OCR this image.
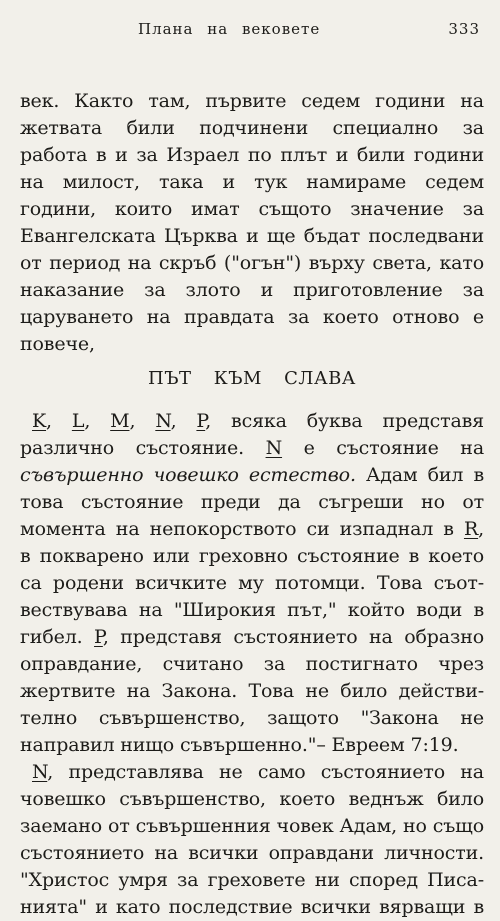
Плана на вековете	333
век. Както там, първите седем години на
жетвата били подчинени специално за
работа в и за Израел по плът и били години
на милост, така и тук намираме седем
години, които имат същото значение за
Евангелската Църква и ще бъдат последвани
от период на скръб ("огън") върху света, като
наказание за злото и приготовление за
царуването на правдата за което отново е
повече,
ПЪТ КЪМ СЛАВА
K, L, M, N, P, всяка буква представя
различно състояние. N е състояние на
съвършенно човешко естество. Адам бил в
това състояние преди да съгреши но от
момента на непокорството си изпаднал в R,
в покварено или греховно състояние в което
са родени всичките му потомци. Това съот-
вествувава на "Широкия път," който води в
гибел. P, представя състоянието на образно
оправдание, считано за постигнато чрез
жертвите на Закона. Това не било действи-
телно съвършенство, защото "Закона не
направил нищо съвършенно."– Евреем 7:19.
N, представлява не само състоянието на
човешко съвършенство, което веднъж било
заемано от съвършенния човек Адам, но също
състоянието на всички оправдани личности.
"Христос умря за греховете ни според Писа-
нията" и като последствие всички вярващи в
